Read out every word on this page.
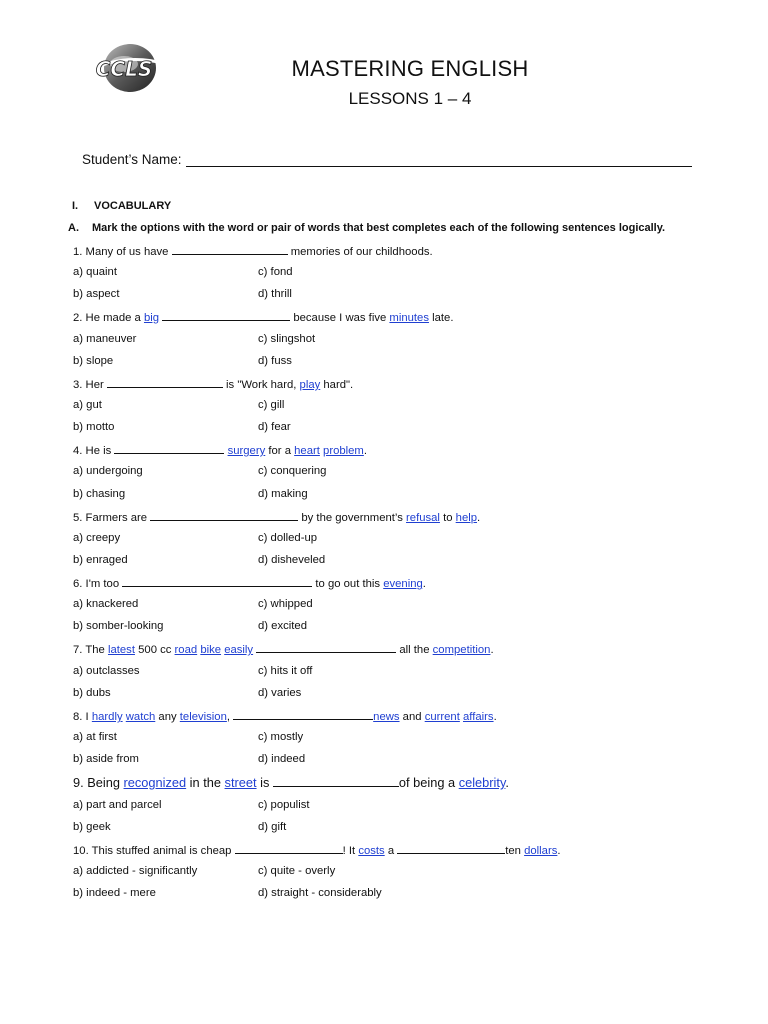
CCLS	MASTERING ENGLISH
LESSONS 1 – 4
Student’s Name:
I. VOCABULARY
A. Mark the options with the word or pair of words that best completes each of the following sentences logically.
1. Many of us have	memories of our childhoods.
a) quaint	c) fond
b) aspect	d) thrill
2. He made a big	because I was five minutes late.
a) maneuver	c) slingshot
b) slope	d) fuss
3. Her	is "Work hard, play hard".
a) gut	c) gill
b) motto	d) fear
4. He is	surgery for a heart problem.
a) undergoing	c) conquering
b) chasing	d) making
5. Farmers are	by the government’s refusal to help.
a) creepy	c) dolled-up
b) enraged	d) disheveled
6. I'm too	to go out this evening.
a) knackered	c) whipped
b) somber-looking	d) excited
7. The latest 500 cc road bike easily	all the competition.
a) outclasses	c) hits it off
b) dubs	d) varies
8. I hardly watch any television,	news and current affairs.
a) at first	c) mostly
b) aside from	d) indeed
9. Being recognized in the street is	of being a celebrity.
a) part and parcel	c) populist
b) geek	d) gift
10. This stuffed animal is cheap	! It costs a	ten dollars.
a) addicted - significantly	c) quite - overly
b) indeed - mere	d) straight - considerably
